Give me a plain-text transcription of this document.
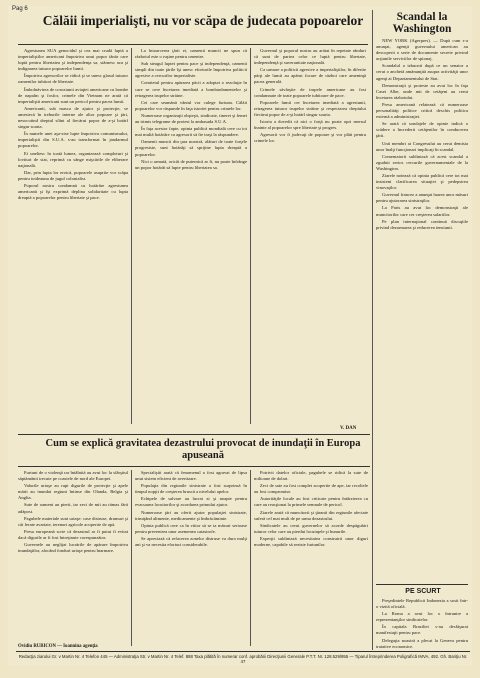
Pag 6
Călăii imperialişti, nu vor scăpa de judecata popoarelor

Agresiunea SUA genocidul şi cea mai crudă luptă a imperialiştilor americani împotriva unui popor tânăr care luptă pentru libertatea şi independenţa sa, stârnesc ura şi indignarea tuturor popoarelor lumii.

Împotriva agresorilor se ridică şi se unesc glasul tuturor oamenilor iubitori de libertate.

Îmbolnăvirea de coroziunii aviaţiei americane cu bombe de napalm şi fosfor, crimele din Vietnam ne arată că imperialiştii americani sunt un pericol pentru pacea lumii.

Americanii, sub masca de ajutor şi protecţie, se amestecă în treburile interne ale altor popoare şi ţări, nesocotind dreptul sfânt al fiecărui popor de a-şi hotărî singur soarta.

În numele unei aşa-zise lupte împotriva comunismului, imperialiştii din S.U.A. s-au transformat în jandarmul popoarelor.

Ei uneltesc în toată lumea, organizează comploturi şi lovituri de stat, reprimă cu sânge mişcările de eliberare naţională.

Dar, prin lupta lor eroică, popoarele asuprite vor scăpa pentru totdeauna de jugul colonialist.

Poporul nostru condamnă cu hotărâre agresiunea americană şi îşi exprimă deplina solidaritate cu lupta dreaptă a popoarelor pentru libertate şi pace.

La întoarcerea ţării ei, oamenii muncii ne spun că războiul este o ruşine pentru omenire.

Sub steagul luptei pentru pace şi independenţă, oamenii simpli din toate ţările îşi unesc eforturile împotriva politicii agresive a cercurilor imperialiste.

Comitetul pentru apărarea păcii a adoptat o rezoluţie în care se cere încetarea imediată a bombardamentelor şi retragerea trupelor străine.

Cei care seamănă vântul vor culege furtuna. Călăii popoarelor vor răspunde în faţa istoriei pentru crimele lor.

Numeroase organizaţii obşteşti, sindicate, tineret şi femei au trimis telegrame de protest la ambasada S.U.A.

În faţa acestor fapte, opinia publică mondială cere cu tot mai multă hotărâre ca agresorii să fie traşi la răspundere.

Oamenii muncii din ţara noastră, alături de toate forţele progresiste, sunt hotărâţi să sprijine lupta dreaptă a popoarelor.

Nici o armată, oricât de puternică ar fi, nu poate înfrânge un popor hotărât să lupte pentru libertatea sa.

Guvernul şi poporul nostru au arătat în repetate rânduri că sunt de partea celor ce luptă pentru libertate, independenţă şi suveranitate naţională.

Ca urmare a politicii agresive a imperialiştilor, în diferite părţi ale lumii au apărut focare de război care ameninţă pacea generală.

Crimele săvârşite de trupele americane au fost condamnate de toate popoarele iubitoare de pace.

Popoarele lumii cer încetarea imediată a agresiunii, retragerea tuturor trupelor străine şi respectarea dreptului fiecărui popor de a-şi hotărî singur soarta.

Istoria a dovedit că nici o forţă nu poate opri mersul înainte al popoarelor spre libertate şi progres.

Agresorii vor fi judecaţi de popoare şi vor plăti pentru crimele lor.

V. DAN
Scandal la Washington

NEW YORK (Agerpres). — După cum s-a anunţat, agenţii guvernului american au descoperit o serie de documente secrete privind acţiunile serviciilor de spionaj.

Scandalul a izbucnit după ce un senator a cerut o anchetă amănunţită asupra activităţii unor agenţi ai Departamentului de Stat.

Demonstraţii şi proteste au avut loc în faţa Casei Albe, unde mii de cetăţeni au cerut încetarea războiului.

Presa americană relatează că numeroase personalităţi politice critică deschis politica externă a administraţiei.

Se arată că sondajele de opinie indică o scădere a încrederii cetăţenilor în conducerea ţării.

Unii membri ai Congresului au cerut demisia unor înalţi funcţionari implicaţi în scandal.

Comentatorii subliniază că acest scandal a zguduit serios cercurile guvernamentale de la Washington.

Ziarele notează că opinia publică cere tot mai insistent clarificarea situaţiei şi pedepsirea vinovaţilor.

Guvernul francez a anunţat luarea unor măsuri pentru ajutorarea sinistraţilor.

La Paris au avut loc demonstraţii ale muncitorilor care cer creşterea salariilor.

Pe plan internaţional continuă discuţiile privind dezarmarea şi reducerea tensiunii.

Cum se explică gravitatea dezastrului provocat de inundaţii în Europa apuseană

Furtuni de o violenţă rar întâlnită au avut loc la sfârşitul săptămânii trecute pe coastele de nord ale Europei.

Valurile uriaşe au rupt digurile de protecţie şi apele mării au inundat regiuni întinse din Olanda, Belgia şi Anglia.

Sute de oameni au pierit, iar zeci de mii au rămas fără adăpost.

Pagubele materiale sunt uriaşe: case distruse, drumuri şi căi ferate avariate, terenuri agricole acoperite de apă.

Presa europeană scrie că dezastrul ar fi putut fi evitat dacă digurile ar fi fost întreţinute corespunzător.

Guvernele au neglijat lucrările de apărare împotriva inundaţiilor, alocând fonduri uriaşe pentru înarmare.

Ovidiu RUBICON — Ioannina agenţia

Specialiştii arată că fenomenul a fost agravat de lipsa unui sistem eficient de avertizare.

Populaţia din regiunile sinistrate a fost surprinsă în timpul nopţii de creşterea bruscă a nivelului apelor.

Echipele de salvare au lucrat zi şi noapte pentru evacuarea locuitorilor şi acordarea primului ajutor.

Numeroase ţări au oferit ajutor populaţiei sinistrate, trimiţând alimente, medicamente şi îmbrăcăminte.

Opinia publică cere ca în viitor să se ia măsuri serioase pentru prevenirea unor asemenea catastrofe.

Se apreciază că refacerea zonelor distruse va dura mulţi ani şi va necesita eforturi considerabile.

Potrivit datelor oficiale, pagubele se ridică la sute de milioane de dolari.

Zeci de sate au fost complet acoperite de ape, iar recoltele au fost compromise.

Autorităţile locale au fost criticate pentru întârzierea cu care au reacţionat la primele semnale de pericol.

Ziarele arată că muncitorii şi ţăranii din regiunile afectate suferă cel mai mult de pe urma dezastrului.

Sindicatele au cerut guvernelor să acorde despăgubiri tuturor celor care au pierdut locuinţele şi bunurile.

Experţii subliniază necesitatea construirii unor diguri moderne, capabile să reziste furtunilor.

PE SCURT

Preşedintele Republicii Indonezia a sosit într-o vizită oficială.

La Roma a avut loc o întrunire a reprezentanţilor sindicatelor.

În capitala Braziliei s-au desfăşurat manifestaţii pentru pace.

Delegaţia noastră a plecat la Geneva pentru tratative economice.

Redacţia ziarului Gr. v Martin Nr. 4 Telefon 445 — Administraţia Str. v Martin Nr. 4 Telef. 888 Taxa plătită în numerar conf. aprobării Direcţiunii Generale P.T.T. Nr. 128.529/955 — Tiparul Întreprinderea Poligrafică IMVA, 492. Gh. Bariţiu Nr. 47
